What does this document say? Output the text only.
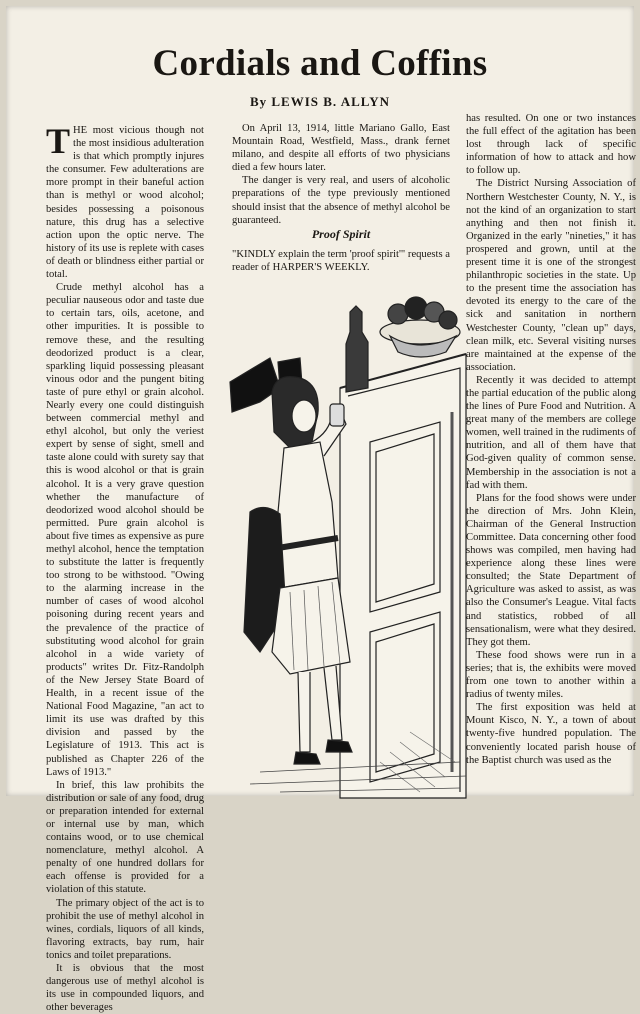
Cordials and Coffins
By LEWIS B. ALLYN

THE most vicious though not the most insidious adulteration is that which promptly injures the consumer. Few adulterations are more prompt in their baneful action than is methyl or wood alcohol; besides possessing a poisonous nature, this drug has a selective action upon the optic nerve. The history of its use is replete with cases of death or blindness either partial or total.

Crude methyl alcohol has a peculiar nauseous odor and taste due to certain tars, oils, acetone, and other impurities. It is possible to remove these, and the resulting deodorized product is a clear, sparkling liquid possessing pleasant vinous odor and the pungent biting taste of pure ethyl or grain alcohol. Nearly every one could distinguish between commercial methyl and ethyl alcohol, but only the veriest expert by sense of sight, smell and taste alone could with surety say that this is wood alcohol or that is grain alcohol. It is a very grave question whether the manufacture of deodorized wood alcohol should be permitted. Pure grain alcohol is about five times as expensive as pure methyl alcohol, hence the temptation to substitute the latter is frequently too strong to be withstood. "Owing to the alarming increase in the number of cases of wood alcohol poisoning during recent years and the prevalence of the practice of substituting wood alcohol for grain alcohol in a wide variety of products" writes Dr. Fitz-Randolph of the New Jersey State Board of Health, in a recent issue of the National Food Magazine, "an act to limit its use was drafted by this division and passed by the Legislature of 1913. This act is published as Chapter 226 of the Laws of 1913."

In brief, this law prohibits the distribution or sale of any food, drug or preparation intended for external or internal use by man, which contains wood, or to use chemical nomenclature, methyl alcohol. A penalty of one hundred dollars for each offense is provided for a violation of this statute.

The primary object of the act is to prohibit the use of methyl alcohol in wines, cordials, liquors of all kinds, flavoring extracts, bay rum, hair tonics and toilet preparations.

It is obvious that the most dangerous use of methyl alcohol is its use in compounded liquors, and other beverages

On April 13, 1914, little Mariano Gallo, East Mountain Road, Westfield, Mass., drank fernet milano, and despite all efforts of two physicians died a few hours later.

The danger is very real, and users of alcoholic preparations of the type previously mentioned should insist that the absence of methyl alcohol be guaranteed.

Proof Spirit

"KINDLY explain the term 'proof spirit'" requests a reader of HARPER'S WEEKLY.

has resulted. On one or two instances the full effect of the agitation has been lost through lack of specific information of how to attack and how to follow up.

The District Nursing Association of Northern Westchester County, N. Y., is not the kind of an organization to start anything and then not finish it. Organized in the early "nineties," it has prospered and grown, until at the present time it is one of the strongest philanthropic societies in the state. Up to the present time the association has devoted its energy to the care of the sick and sanitation in northern Westchester County, "clean up" days, clean milk, etc. Several visiting nurses are maintained at the expense of the association.

Recently it was decided to attempt the partial education of the public along the lines of Pure Food and Nutrition. A great many of the members are college women, well trained in the rudiments of nutrition, and all of them have that God-given quality of common sense. Membership in the association is not a fad with them.

Plans for the food shows were under the direction of Mrs. John Klein, Chairman of the General Instruction Committee. Data concerning other food shows was compiled, men having had experience along these lines were consulted; the State Department of Agriculture was asked to assist, as was also the Consumer's League. Vital facts and statistics, robbed of all sensationalism, were what they desired. They got them.

These food shows were run in a series; that is, the exhibits were moved from one town to another within a radius of twenty miles.

The first exposition was held at Mount Kisco, N. Y., a town of about twenty-five hundred population. The conveniently located parish house of the Baptist church was used as the
